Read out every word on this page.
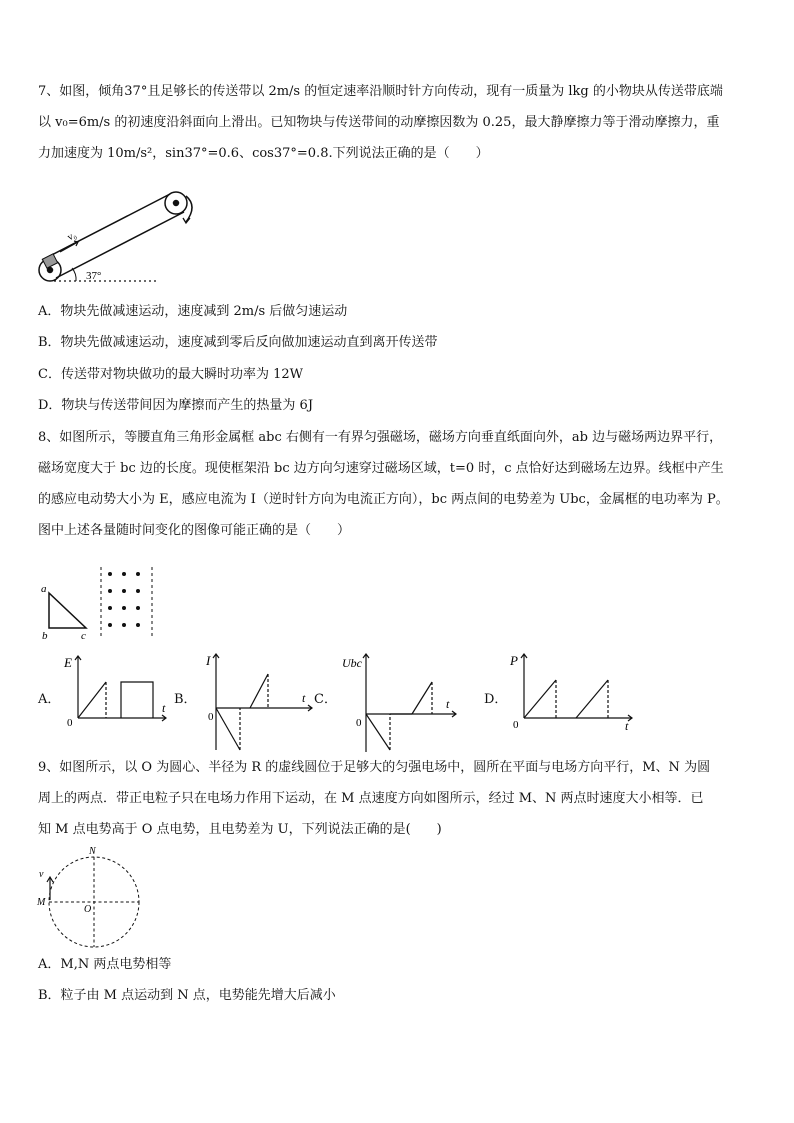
7、如图，倾角37°且足够长的传送带以 2m/s 的恒定速率沿顺时针方向传动，现有一质量为 lkg 的小物块从传送带底端
以 v₀=6m/s 的初速度沿斜面向上滑出。已知物块与传送带间的动摩擦因数为 0.25，最大静摩擦力等于滑动摩擦力，重
力加速度为 10m/s²，sin37°=0.6、cos37°=0.8.下列说法正确的是（　　）
37°
v₀
A．物块先做减速运动，速度减到 2m/s 后做匀速运动
B．物块先做减速运动，速度减到零后反向做加速运动直到离开传送带
C．传送带对物块做功的最大瞬时功率为 12W
D．物块与传送带间因为摩擦而产生的热量为 6J
8、如图所示，等腰直角三角形金属框 abc 右侧有一有界匀强磁场，磁场方向垂直纸面向外，ab 边与磁场两边界平行，
磁场宽度大于 bc 边的长度。现使框架沿 bc 边方向匀速穿过磁场区域，t=0 时，c 点恰好达到磁场左边界。线框中产生
的感应电动势大小为 E，感应电流为 I（逆时针方向为电流正方向），bc 两点间的电势差为 Ubc，金属框的电功率为 P。
图中上述各量随时间变化的图像可能正确的是（　　）
a
b	c
A．
E
0
t
B．
I
0
t C．
Ubc
0
t	D．
P
0	t
9、如图所示，以 O 为圆心、半径为 R 的虚线圆位于足够大的匀强电场中，圆所在平面与电场方向平行，M、N 为圆
周上的两点．带正电粒子只在电场力作用下运动，在 M 点速度方向如图所示，经过 M、N 两点时速度大小相等．已
知 M 点电势高于 O 点电势，且电势差为 U，下列说法正确的是(　　)
N
M
O
v
A．M,N 两点电势相等
B．粒子由 M 点运动到 N 点，电势能先增大后减小
